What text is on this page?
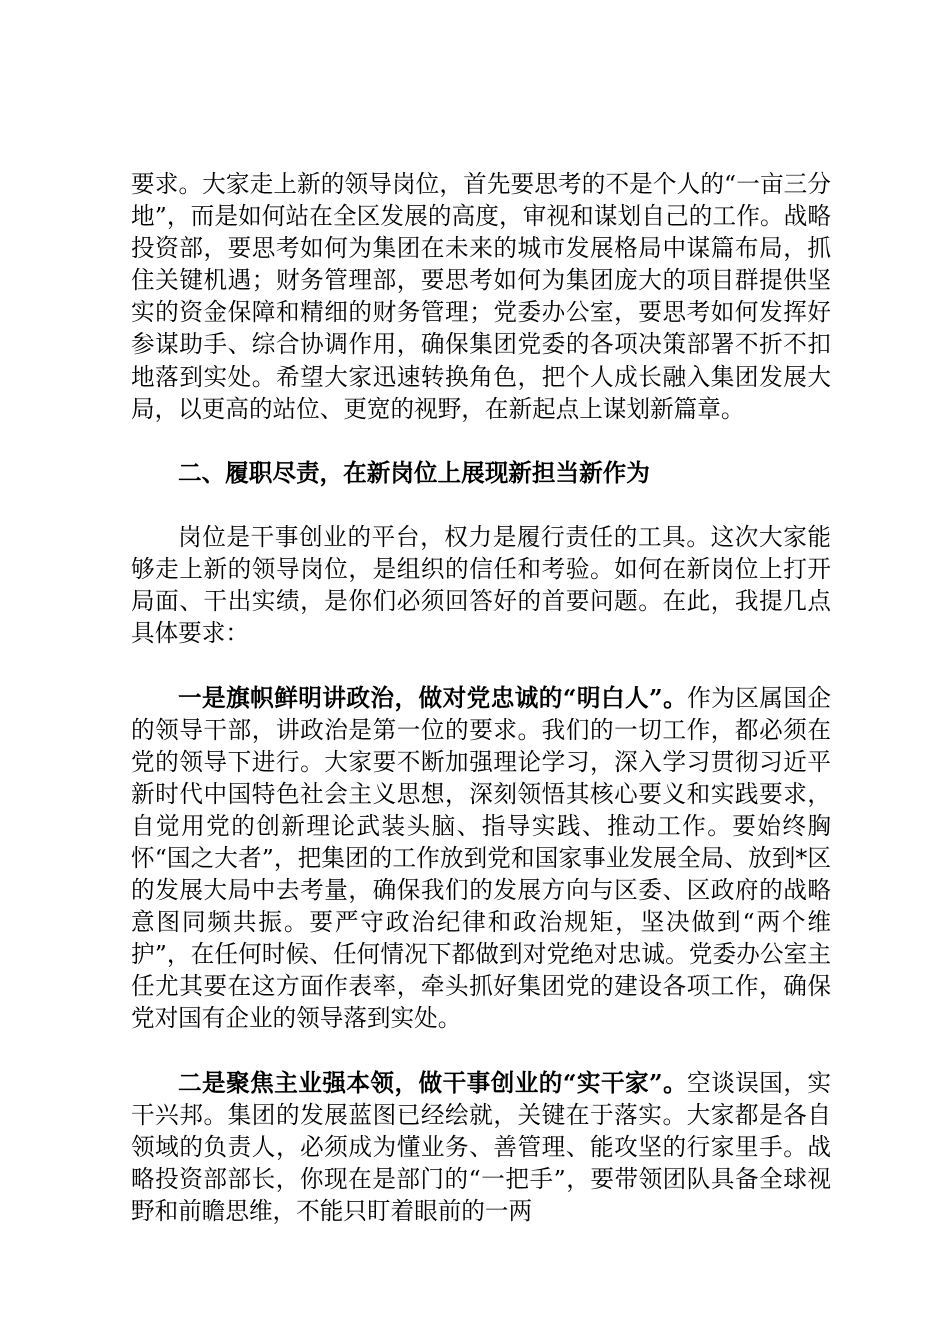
要求。大家走上新的领导岗位，首先要思考的不是个人的“一亩三分地”，而是如何站在全区发展的高度，审视和谋划自己的工作。战略投资部，要思考如何为集团在未来的城市发展格局中谋篇布局，抓住关键机遇；财务管理部，要思考如何为集团庞大的项目群提供坚实的资金保障和精细的财务管理；党委办公室，要思考如何发挥好参谋助手、综合协调作用，确保集团党委的各项决策部署不折不扣地落到实处。希望大家迅速转换角色，把个人成长融入集团发展大局，以更高的站位、更宽的视野，在新起点上谋划新篇章。

二、履职尽责，在新岗位上展现新担当新作为

岗位是干事创业的平台，权力是履行责任的工具。这次大家能够走上新的领导岗位，是组织的信任和考验。如何在新岗位上打开局面、干出实绩，是你们必须回答好的首要问题。在此，我提几点具体要求：

一是旗帜鲜明讲政治，做对党忠诚的“明白人”。作为区属国企的领导干部，讲政治是第一位的要求。我们的一切工作，都必须在党的领导下进行。大家要不断加强理论学习，深入学习贯彻习近平新时代中国特色社会主义思想，深刻领悟其核心要义和实践要求，自觉用党的创新理论武装头脑、指导实践、推动工作。要始终胸怀“国之大者”，把集团的工作放到党和国家事业发展全局、放到*区的发展大局中去考量，确保我们的发展方向与区委、区政府的战略意图同频共振。要严守政治纪律和政治规矩，坚决做到“两个维护”，在任何时候、任何情况下都做到对党绝对忠诚。党委办公室主任尤其要在这方面作表率，牵头抓好集团党的建设各项工作，确保党对国有企业的领导落到实处。

二是聚焦主业强本领，做干事创业的“实干家”。空谈误国，实干兴邦。集团的发展蓝图已经绘就，关键在于落实。大家都是各自领域的负责人，必须成为懂业务、善管理、能攻坚的行家里手。战略投资部部长，你现在是部门的“一把手”，要带领团队具备全球视野和前瞻思维，不能只盯着眼前的一两
